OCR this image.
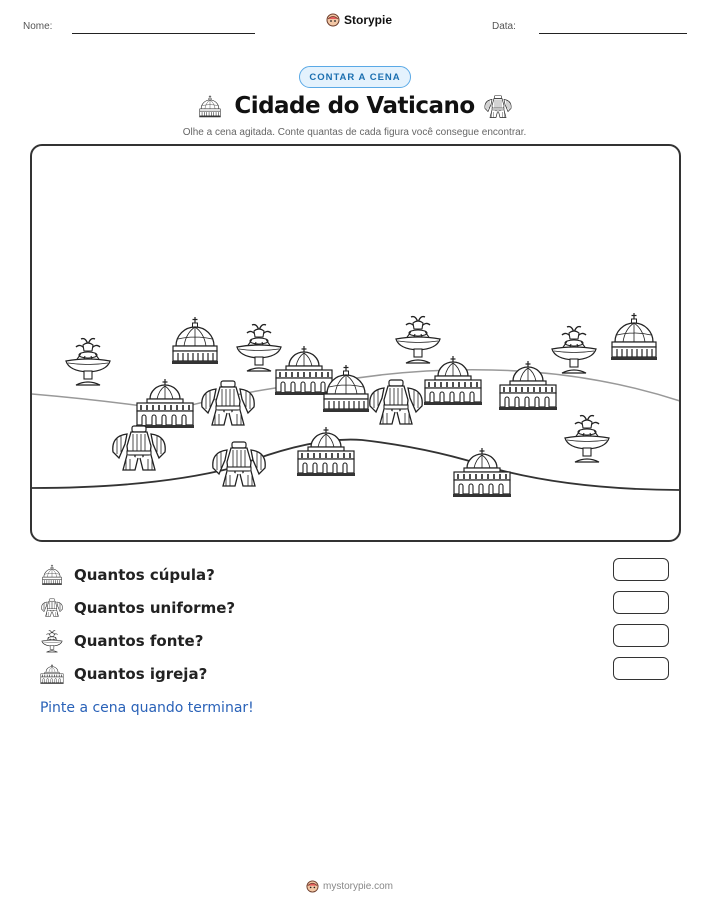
Nome:	Storypie	Data:
CONTAR A CENA
Cidade do Vaticano
Olhe a cena agitada. Conte quantas de cada figura você consegue encontrar.
Quantos cúpula?
Quantos uniforme?
Quantos fonte?
Quantos igreja?
Pinte a cena quando terminar!
mystorypie.com
